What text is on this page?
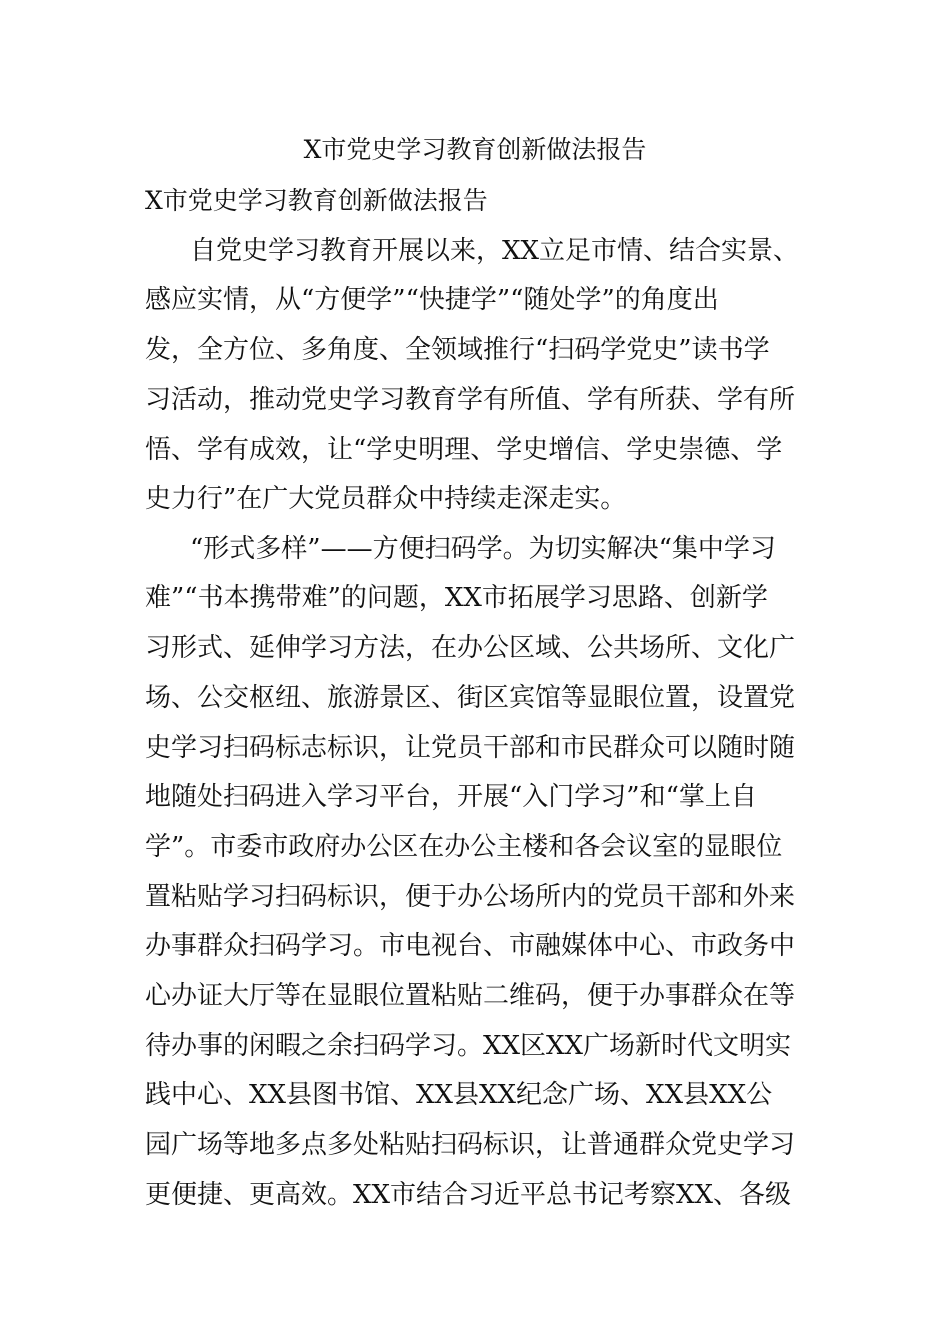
X市党史学习教育创新做法报告
X市党史学习教育创新做法报告
自党史学习教育开展以来，XX立足市情、结合实景、
感应实情，从“方便学”“快捷学”“随处学”的角度出
发，全方位、多角度、全领域推行“扫码学党史”读书学
习活动，推动党史学习教育学有所值、学有所获、学有所
悟、学有成效，让“学史明理、学史增信、学史崇德、学
史力行”在广大党员群众中持续走深走实。
“形式多样”——方便扫码学。为切实解决“集中学习
难”“书本携带难”的问题，XX市拓展学习思路、创新学
习形式、延伸学习方法，在办公区域、公共场所、文化广
场、公交枢纽、旅游景区、街区宾馆等显眼位置，设置党
史学习扫码标志标识，让党员干部和市民群众可以随时随
地随处扫码进入学习平台，开展“入门学习”和“掌上自
学”。市委市政府办公区在办公主楼和各会议室的显眼位
置粘贴学习扫码标识，便于办公场所内的党员干部和外来
办事群众扫码学习。市电视台、市融媒体中心、市政务中
心办证大厅等在显眼位置粘贴二维码，便于办事群众在等
待办事的闲暇之余扫码学习。XX区XX广场新时代文明实
践中心、XX县图书馆、XX县XX纪念广场、XX县XX公
园广场等地多点多处粘贴扫码标识，让普通群众党史学习
更便捷、更高效。XX市结合习近平总书记考察XX、各级
